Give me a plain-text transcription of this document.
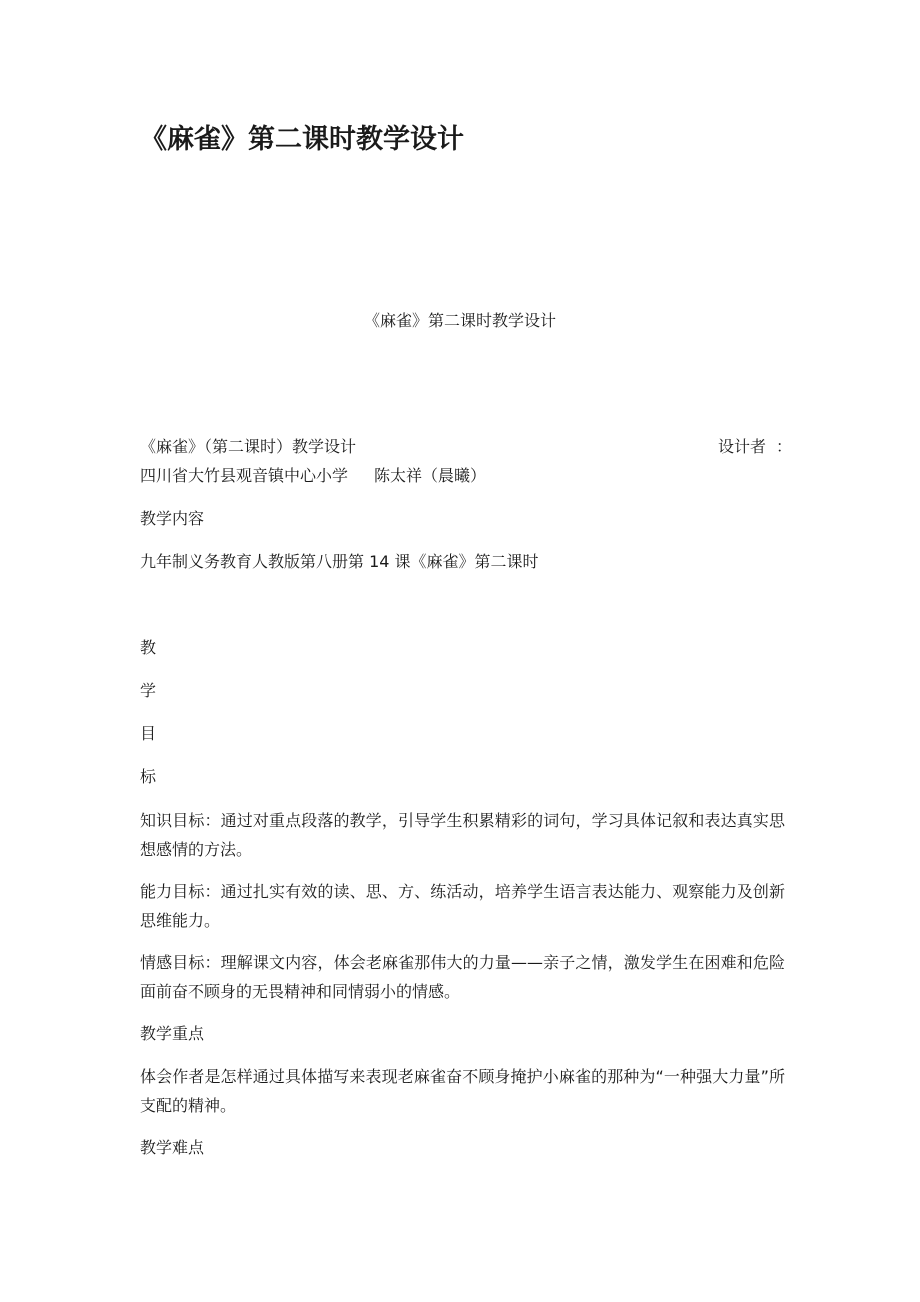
《麻雀》第二课时教学设计
《麻雀》第二课时教学设计
《麻雀》（第二课时）教学设计	设计者 ：
四川省大竹县观音镇中心小学 陈太祥（晨曦）
教学内容
九年制义务教育人教版第八册第 14 课《麻雀》第二课时
教
学
目
标
知识目标：通过对重点段落的教学，引导学生积累精彩的词句，学习具体记叙和表达真实思想感情的方法。
能力目标：通过扎实有效的读、思、方、练活动，培养学生语言表达能力、观察能力及创新思维能力。
情感目标：理解课文内容，体会老麻雀那伟大的力量——亲子之情，激发学生在困难和危险面前奋不顾身的无畏精神和同情弱小的情感。
教学重点
体会作者是怎样通过具体描写来表现老麻雀奋不顾身掩护小麻雀的那种为“一种强大力量”所支配的精神。
教学难点
